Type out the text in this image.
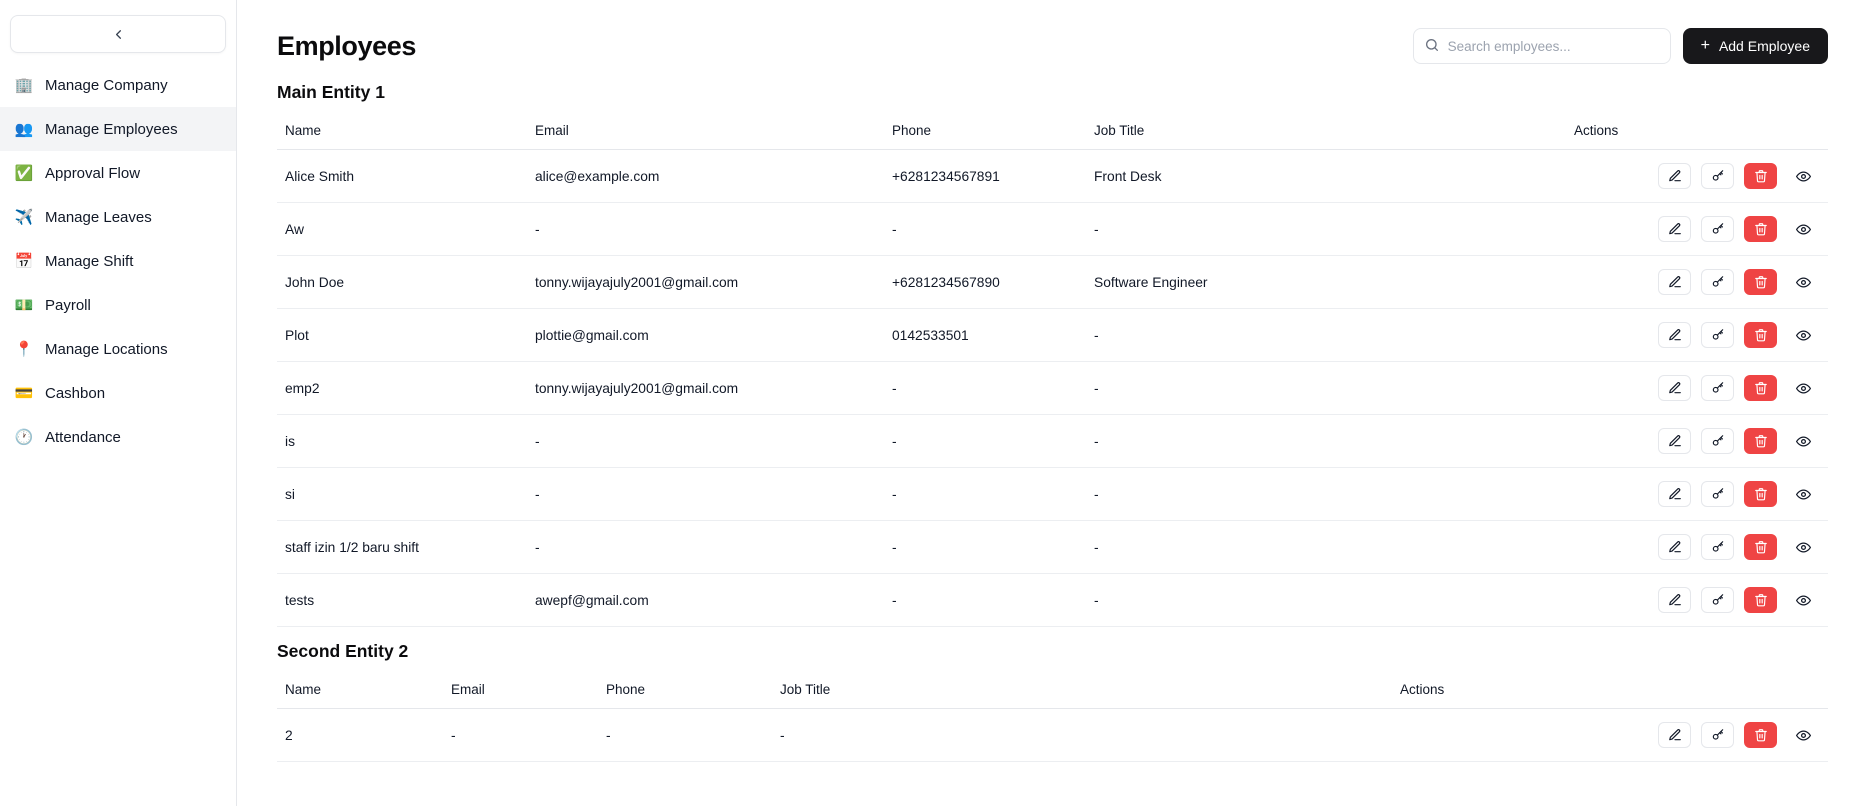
🏢 Manage Company
👥 Manage Employees
✅ Approval Flow
✈️ Manage Leaves
📅 Manage Shift
💵 Payroll
📍 Manage Locations
💳 Cashbon
🕐 Attendance
Employees
Search employees...	+ Add Employee
Main Entity 1
Name	Email	Phone	Job Title	Actions
Alice Smith	alice@example.com	+6281234567891	Front Desk	

Aw	-	-	-	

John Doe	tonny.wijayajuly2001@gmail.com	+6281234567890	Software Engineer	

Plot	plottie@gmail.com	0142533501	-	

emp2	tonny.wijayajuly2001@gmail.com	-	-	

is	-	-	-	

si	-	-	-	

staff izin 1/2 baru shift	-	-	-	

tests	awepf@gmail.com	-	-	
Second Entity 2
Name	Email	Phone	Job Title	Actions
2	-	-	-	
